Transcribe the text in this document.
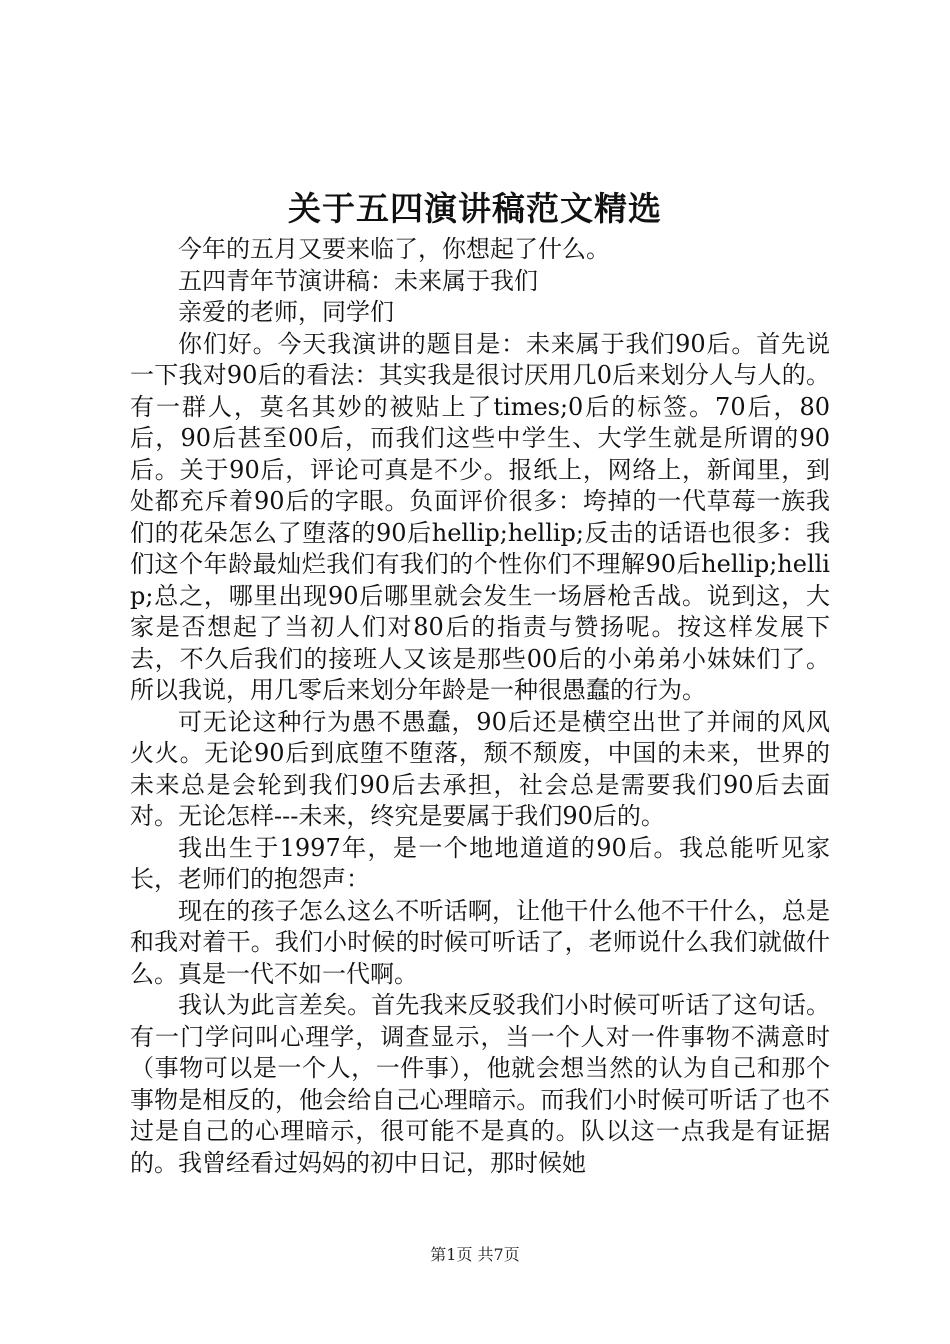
关于五四演讲稿范文精选

今年的五月又要来临了，你想起了什么。

五四青年节演讲稿：未来属于我们

亲爱的老师，同学们

你们好。今天我演讲的题目是：未来属于我们90后。首先说一下我对90后的看法：其实我是很讨厌用几0后来划分人与人的。有一群人，莫名其妙的被贴上了times;0后的标签。70后，80后，90后甚至00后，而我们这些中学生、大学生就是所谓的90后。关于90后，评论可真是不少。报纸上，网络上，新闻里，到处都充斥着90后的字眼。负面评价很多：垮掉的一代草莓一族我们的花朵怎么了堕落的90后hellip;hellip;反击的话语也很多：我们这个年龄最灿烂我们有我们的个性你们不理解90后hellip;hellip;总之，哪里出现90后哪里就会发生一场唇枪舌战。说到这，大家是否想起了当初人们对80后的指责与赞扬呢。按这样发展下去，不久后我们的接班人又该是那些00后的小弟弟小妹妹们了。所以我说，用几零后来划分年龄是一种很愚蠢的行为。

可无论这种行为愚不愚蠢，90后还是横空出世了并闹的风风火火。无论90后到底堕不堕落，颓不颓废，中国的未来，世界的未来总是会轮到我们90后去承担，社会总是需要我们90后去面对。无论怎样---未来，终究是要属于我们90后的。

我出生于1997年，是一个地地道道的90后。我总能听见家长，老师们的抱怨声：

现在的孩子怎么这么不听话啊，让他干什么他不干什么，总是和我对着干。我们小时候的时候可听话了，老师说什么我们就做什么。真是一代不如一代啊。

我认为此言差矣。首先我来反驳我们小时候可听话了这句话。有一门学问叫心理学，调查显示，当一个人对一件事物不满意时（事物可以是一个人，一件事），他就会想当然的认为自己和那个事物是相反的，他会给自己心理暗示。而我们小时候可听话了也不过是自己的心理暗示，很可能不是真的。队以这一点我是有证据的。我曾经看过妈妈的初中日记，那时候她

第1页 共7页
